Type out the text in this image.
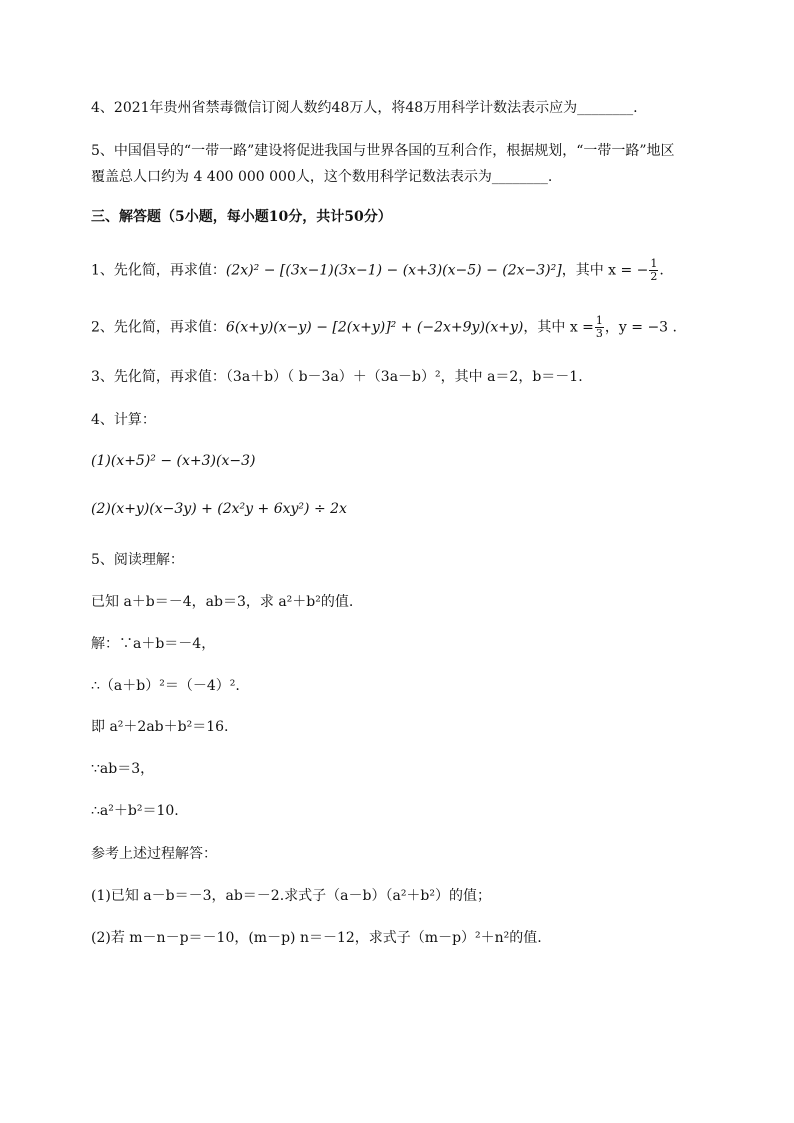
4、2021年贵州省禁毒微信订阅人数约48万人，将48万用科学计数法表示应为________.
5、中国倡导的“一带一路”建设将促进我国与世界各国的互利合作，根据规划，“一带一路”地区
覆盖总人口约为 4 400 000 000人，这个数用科学记数法表示为________.
三、解答题（5小题，每小题10分，共计50分）
1、先化简，再求值：(2x)² − [(3x−1)(3x−1) − (x+3)(x−5) − (2x−3)²]，其中 x = − $\frac{1}{2}$ .
2、先化简，再求值：6(x+y)(x−y) − [2(x+y)]² + (−2x+9y)(x+y)，其中 $x = \frac{1}{3}$ ，y = −3 .
3、先化简，再求值：（3a＋b）（ b－3a）＋（3a－b）²，其中 a＝2，b＝－1.
4、计算：
(1)(x+5)² − (x+3)(x−3)
(2)(x+y)(x−3y) + (2x²y + 6xy²) ÷ 2x
5、阅读理解：
已知 a＋b＝－4，ab＝3，求 a²＋b²的值.
解：∵a＋b＝－4，
∴（a＋b）²＝（－4）².
即 a²＋2ab＋b²＝16.
∵ab＝3，
∴a²＋b²＝10.
参考上述过程解答：
(1)已知 a－b＝－3，ab＝－2.求式子（a－b）（a²＋b²）的值；
(2)若 m－n－p＝－10，(m－p) n＝－12，求式子（m－p）²＋n²的值.
